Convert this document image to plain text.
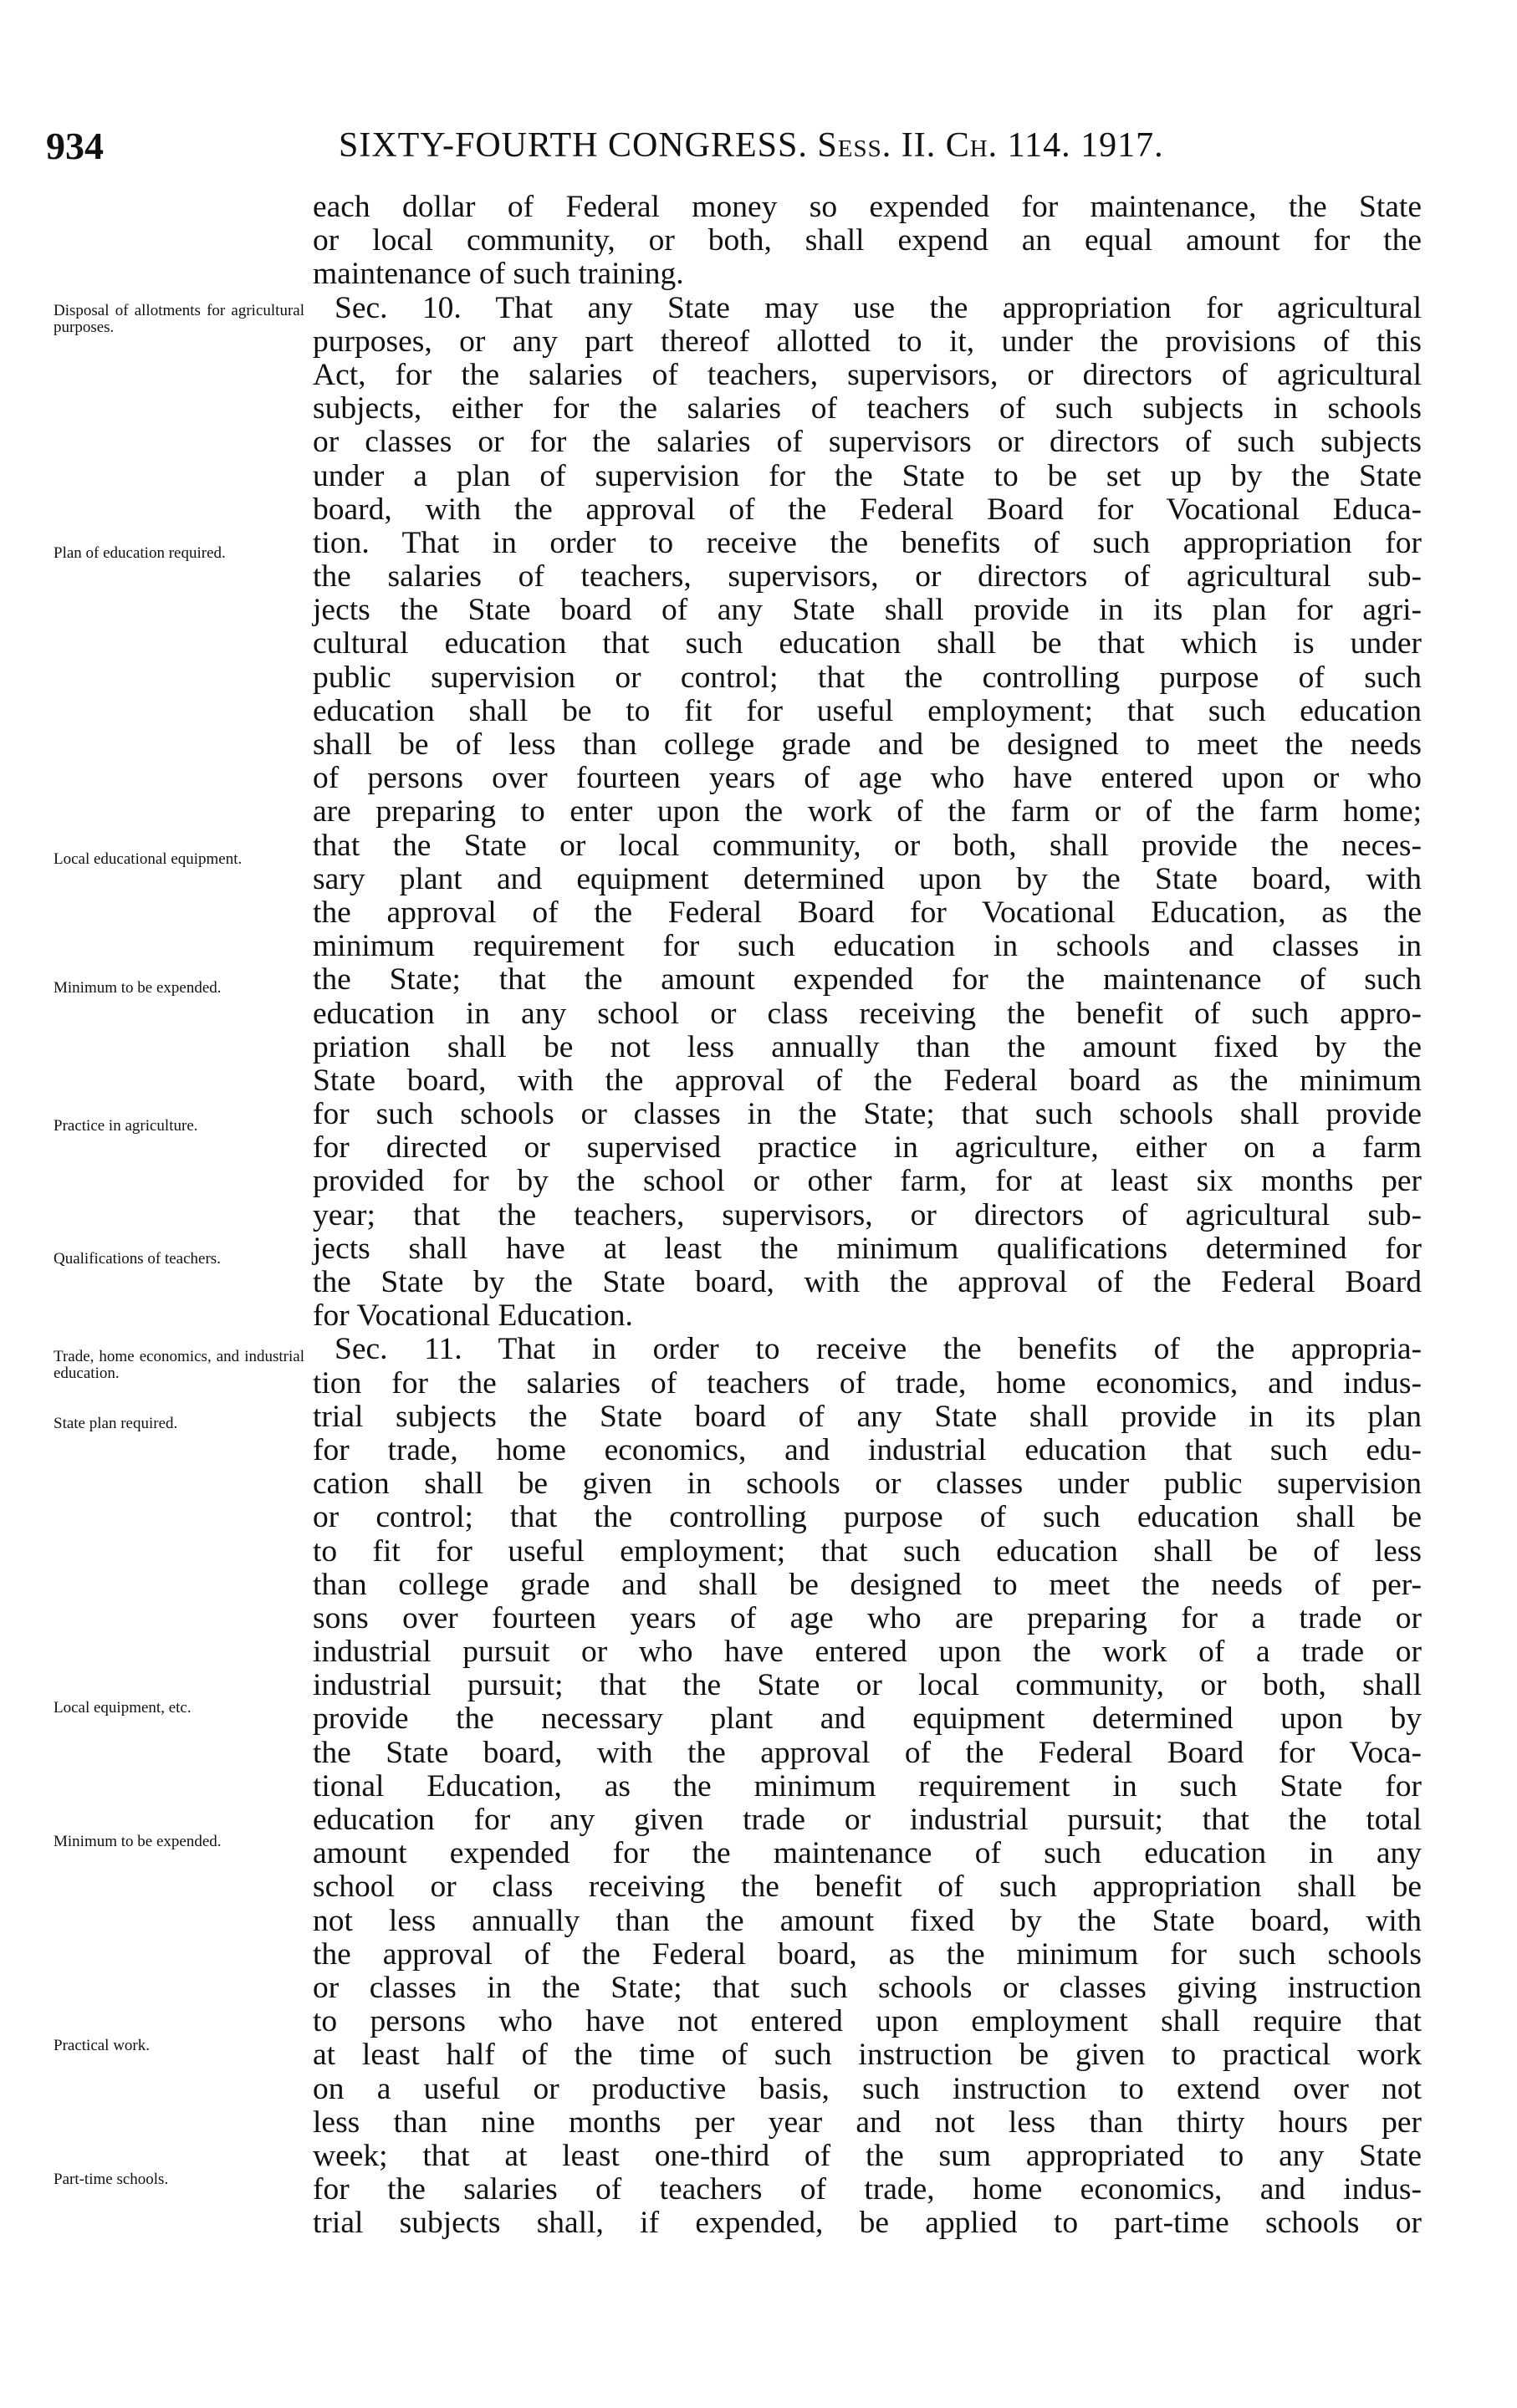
934	SIXTY-FOURTH CONGRESS. Sess. II. Ch. 114. 1917.
Disposal of allotments for agricultural purposes.
Plan of education required.
Local educational equipment.
Minimum to be expended.
Practice in agriculture.
Qualifications of teachers.
Trade, home economics, and industrial education.
State plan required.
Local equipment, etc.
Minimum to be expended.
Practical work.
Part-time schools.
each dollar of Federal money so expended for maintenance, the State
or local community, or both, shall expend an equal amount for the
maintenance of such training.
Sec. 10. That any State may use the appropriation for agricultural
purposes, or any part thereof allotted to it, under the provisions of this
Act, for the salaries of teachers, supervisors, or directors of agricultural
subjects, either for the salaries of teachers of such subjects in schools
or classes or for the salaries of supervisors or directors of such subjects
under a plan of supervision for the State to be set up by the State
board, with the approval of the Federal Board for Vocational Educa-
tion. That in order to receive the benefits of such appropriation for
the salaries of teachers, supervisors, or directors of agricultural sub-
jects the State board of any State shall provide in its plan for agri-
cultural education that such education shall be that which is under
public supervision or control; that the controlling purpose of such
education shall be to fit for useful employment; that such education
shall be of less than college grade and be designed to meet the needs
of persons over fourteen years of age who have entered upon or who
are preparing to enter upon the work of the farm or of the farm home;
that the State or local community, or both, shall provide the neces-
sary plant and equipment determined upon by the State board, with
the approval of the Federal Board for Vocational Education, as the
minimum requirement for such education in schools and classes in
the State; that the amount expended for the maintenance of such
education in any school or class receiving the benefit of such appro-
priation shall be not less annually than the amount fixed by the
State board, with the approval of the Federal board as the minimum
for such schools or classes in the State; that such schools shall provide
for directed or supervised practice in agriculture, either on a farm
provided for by the school or other farm, for at least six months per
year; that the teachers, supervisors, or directors of agricultural sub-
jects shall have at least the minimum qualifications determined for
the State by the State board, with the approval of the Federal Board
for Vocational Education.
Sec. 11. That in order to receive the benefits of the appropria-
tion for the salaries of teachers of trade, home economics, and indus-
trial subjects the State board of any State shall provide in its plan
for trade, home economics, and industrial education that such edu-
cation shall be given in schools or classes under public supervision
or control; that the controlling purpose of such education shall be
to fit for useful employment; that such education shall be of less
than college grade and shall be designed to meet the needs of per-
sons over fourteen years of age who are preparing for a trade or
industrial pursuit or who have entered upon the work of a trade or
industrial pursuit; that the State or local community, or both, shall
provide the necessary plant and equipment determined upon by
the State board, with the approval of the Federal Board for Voca-
tional Education, as the minimum requirement in such State for
education for any given trade or industrial pursuit; that the total
amount expended for the maintenance of such education in any
school or class receiving the benefit of such appropriation shall be
not less annually than the amount fixed by the State board, with
the approval of the Federal board, as the minimum for such schools
or classes in the State; that such schools or classes giving instruction
to persons who have not entered upon employment shall require that
at least half of the time of such instruction be given to practical work
on a useful or productive basis, such instruction to extend over not
less than nine months per year and not less than thirty hours per
week; that at least one-third of the sum appropriated to any State
for the salaries of teachers of trade, home economics, and indus-
trial subjects shall, if expended, be applied to part-time schools or
